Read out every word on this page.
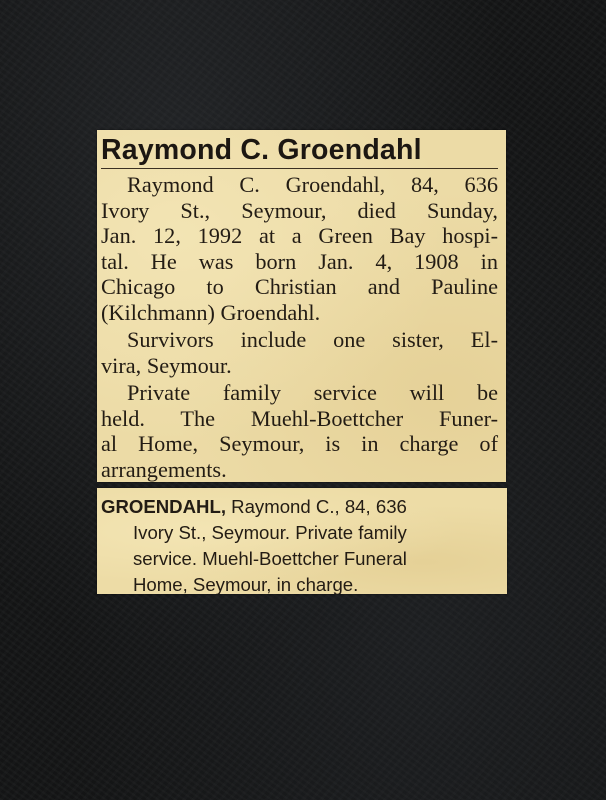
Raymond C. Groendahl
Raymond C. Groendahl, 84, 636
Ivory St., Seymour, died Sunday,
Jan. 12, 1992 at a Green Bay hospi-
tal. He was born Jan. 4, 1908 in
Chicago to Christian and Pauline
(Kilchmann) Groendahl.
Survivors include one sister, El-
vira, Seymour.
Private family service will be
held. The Muehl-Boettcher Funer-
al Home, Seymour, is in charge of
arrangements.
GROENDAHL, Raymond C., 84, 636
Ivory St., Seymour. Private family
service. Muehl-Boettcher Funeral
Home, Seymour, in charge.
